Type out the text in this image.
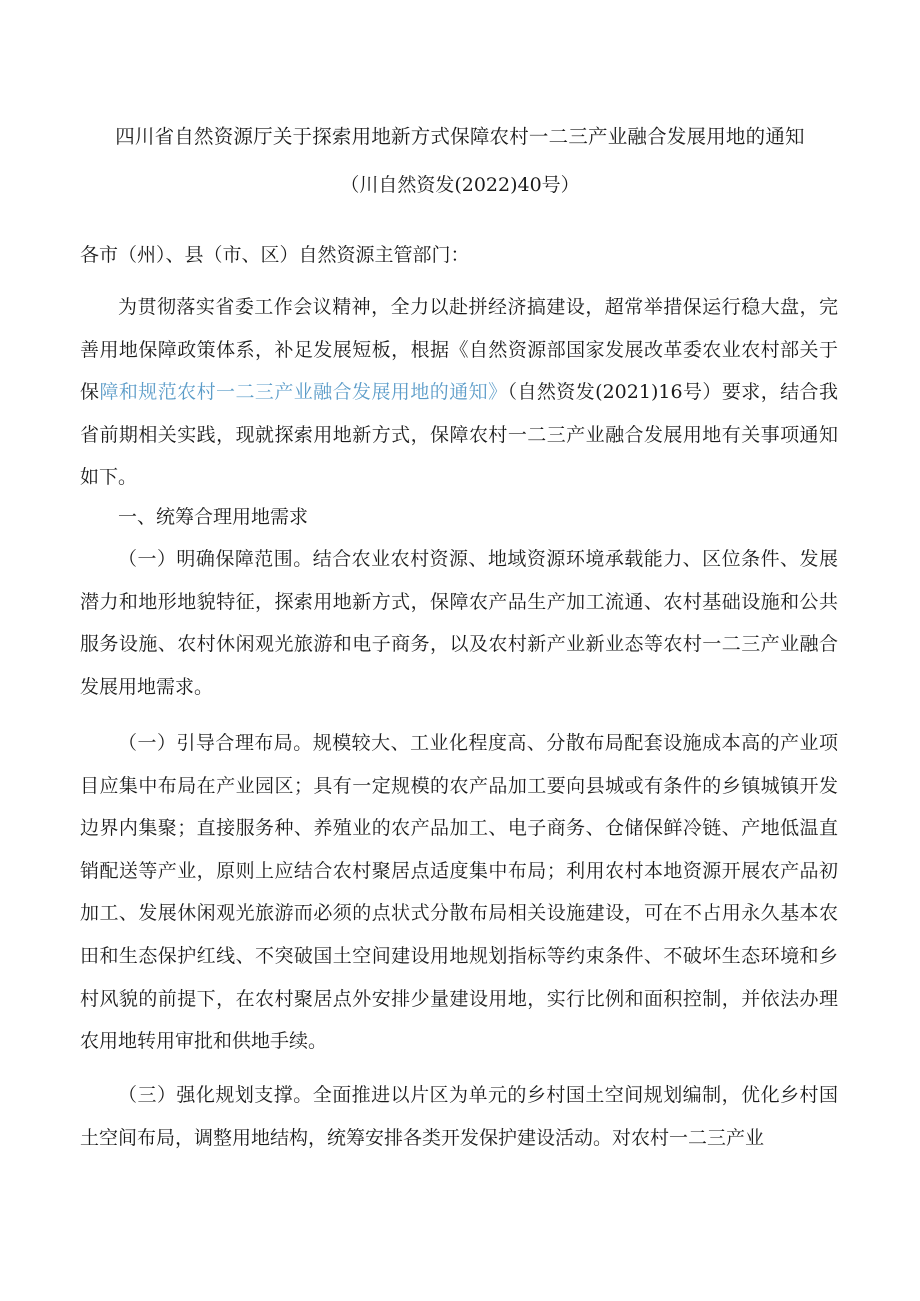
四川省自然资源厅关于探索用地新方式保障农村一二三产业融合发展用地的通知
（川自然资发(2022)40号）
各市（州）、县（市、区）自然资源主管部门：
为贯彻落实省委工作会议精神，全力以赴拼经济搞建设，超常举措保运行稳大盘，完善用地保障政策体系，补足发展短板，根据《自然资源部国家发展改革委农业农村部关于保障和规范农村一二三产业融合发展用地的通知》（自然资发(2021)16号）要求，结合我省前期相关实践，现就探索用地新方式，保障农村一二三产业融合发展用地有关事项通知如下。
一、统筹合理用地需求
（一）明确保障范围。结合农业农村资源、地域资源环境承载能力、区位条件、发展潜力和地形地貌特征，探索用地新方式，保障农产品生产加工流通、农村基础设施和公共服务设施、农村休闲观光旅游和电子商务，以及农村新产业新业态等农村一二三产业融合发展用地需求。
（一）引导合理布局。规模较大、工业化程度高、分散布局配套设施成本高的产业项目应集中布局在产业园区；具有一定规模的农产品加工要向县城或有条件的乡镇城镇开发边界内集聚；直接服务种、养殖业的农产品加工、电子商务、仓储保鲜冷链、产地低温直销配送等产业，原则上应结合农村聚居点适度集中布局；利用农村本地资源开展农产品初加工、发展休闲观光旅游而必须的点状式分散布局相关设施建设，可在不占用永久基本农田和生态保护红线、不突破国土空间建设用地规划指标等约束条件、不破坏生态环境和乡村风貌的前提下，在农村聚居点外安排少量建设用地，实行比例和面积控制，并依法办理农用地转用审批和供地手续。
（三）强化规划支撑。全面推进以片区为单元的乡村国土空间规划编制，优化乡村国土空间布局，调整用地结构，统筹安排各类开发保护建设活动。对农村一二三产业
